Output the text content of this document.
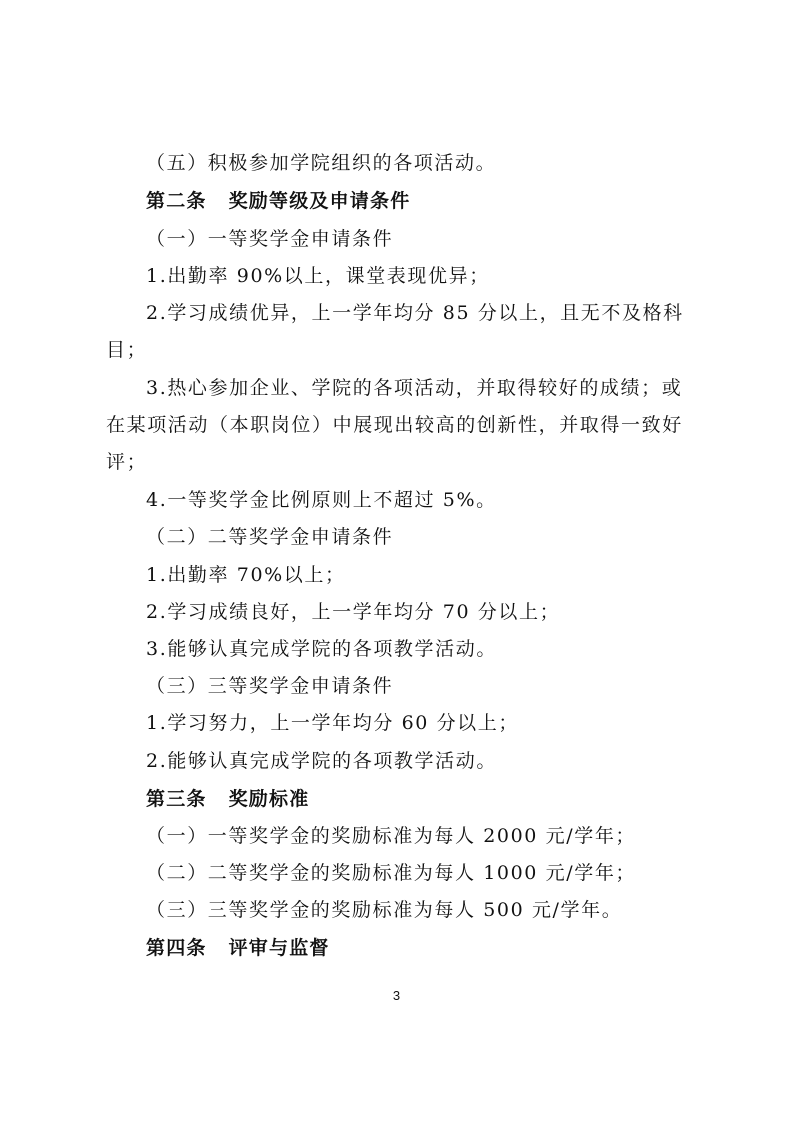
（五）积极参加学院组织的各项活动。
第二条 奖励等级及申请条件
（一）一等奖学金申请条件
1.出勤率 90%以上，课堂表现优异；
2.学习成绩优异，上一学年均分 85 分以上，且无不及格科
目；
3.热心参加企业、学院的各项活动，并取得较好的成绩；或
在某项活动（本职岗位）中展现出较高的创新性，并取得一致好
评；
4.一等奖学金比例原则上不超过 5%。
（二）二等奖学金申请条件
1.出勤率 70%以上；
2.学习成绩良好，上一学年均分 70 分以上；
3.能够认真完成学院的各项教学活动。
（三）三等奖学金申请条件
1.学习努力，上一学年均分 60 分以上；
2.能够认真完成学院的各项教学活动。
第三条 奖励标准
（一）一等奖学金的奖励标准为每人 2000 元/学年；
（二）二等奖学金的奖励标准为每人 1000 元/学年；
（三）三等奖学金的奖励标准为每人 500 元/学年。
第四条 评审与监督
3
